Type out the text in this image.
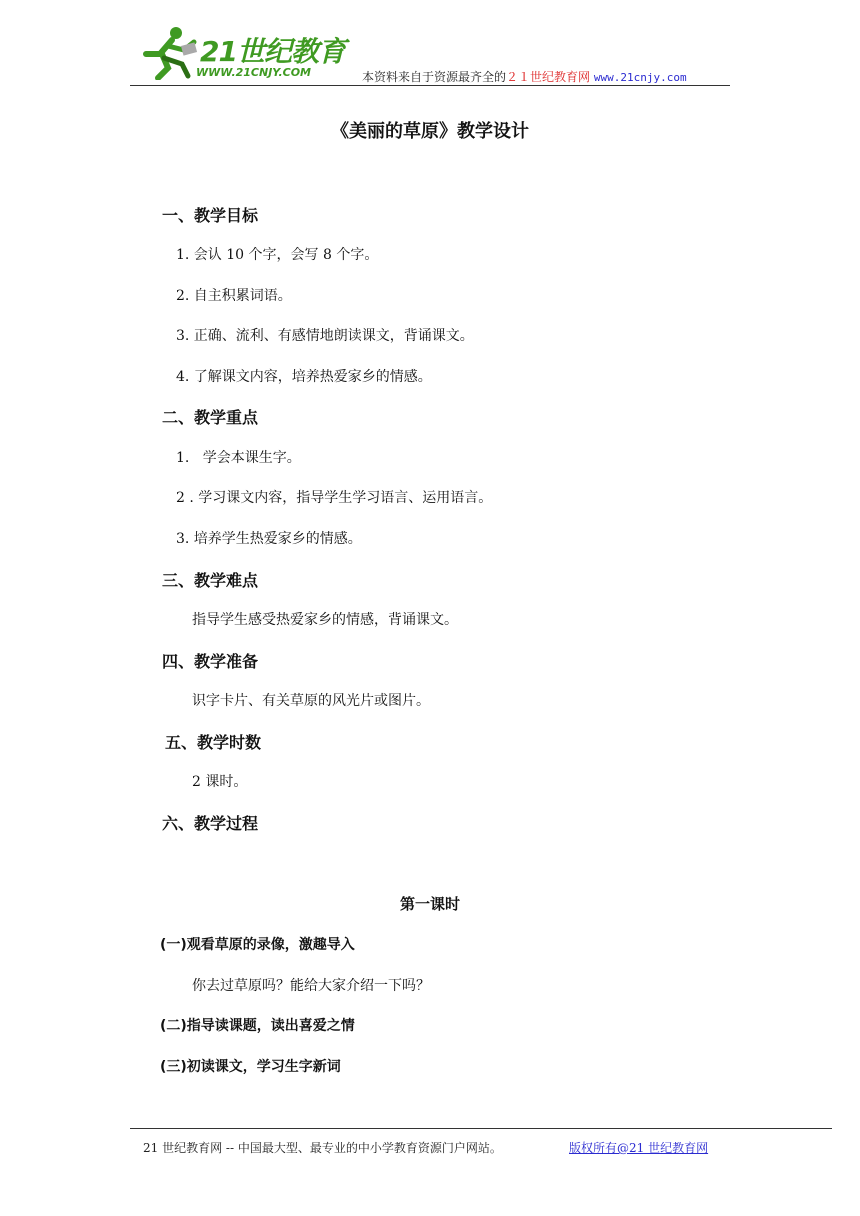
21世纪教育
WWW.21CNJY.COM	本资料来自于资源最齐全的２１世纪教育网 www.21cnjy.com
《美丽的草原》教学设计
一、教学目标
1. 会认 10 个字，会写 8 个字。
2. 自主积累词语。
3. 正确、流利、有感情地朗读课文，背诵课文。
4. 了解课文内容，培养热爱家乡的情感。
二、教学重点
1.   学会本课生字。
2 . 学习课文内容，指导学生学习语言、运用语言。
3. 培养学生热爱家乡的情感。
三、教学难点
指导学生感受热爱家乡的情感，背诵课文。
四、教学准备
识字卡片、有关草原的风光片或图片。
五、教学时数
2 课时。
六、教学过程
第一课时
(一)观看草原的录像，激趣导入
你去过草原吗？能给大家介绍一下吗？
(二)指导读课题，读出喜爱之情
(三)初读课文，学习生字新词
21 世纪教育网 -- 中国最大型、最专业的中小学教育资源门户网站。	版权所有@21 世纪教育网
